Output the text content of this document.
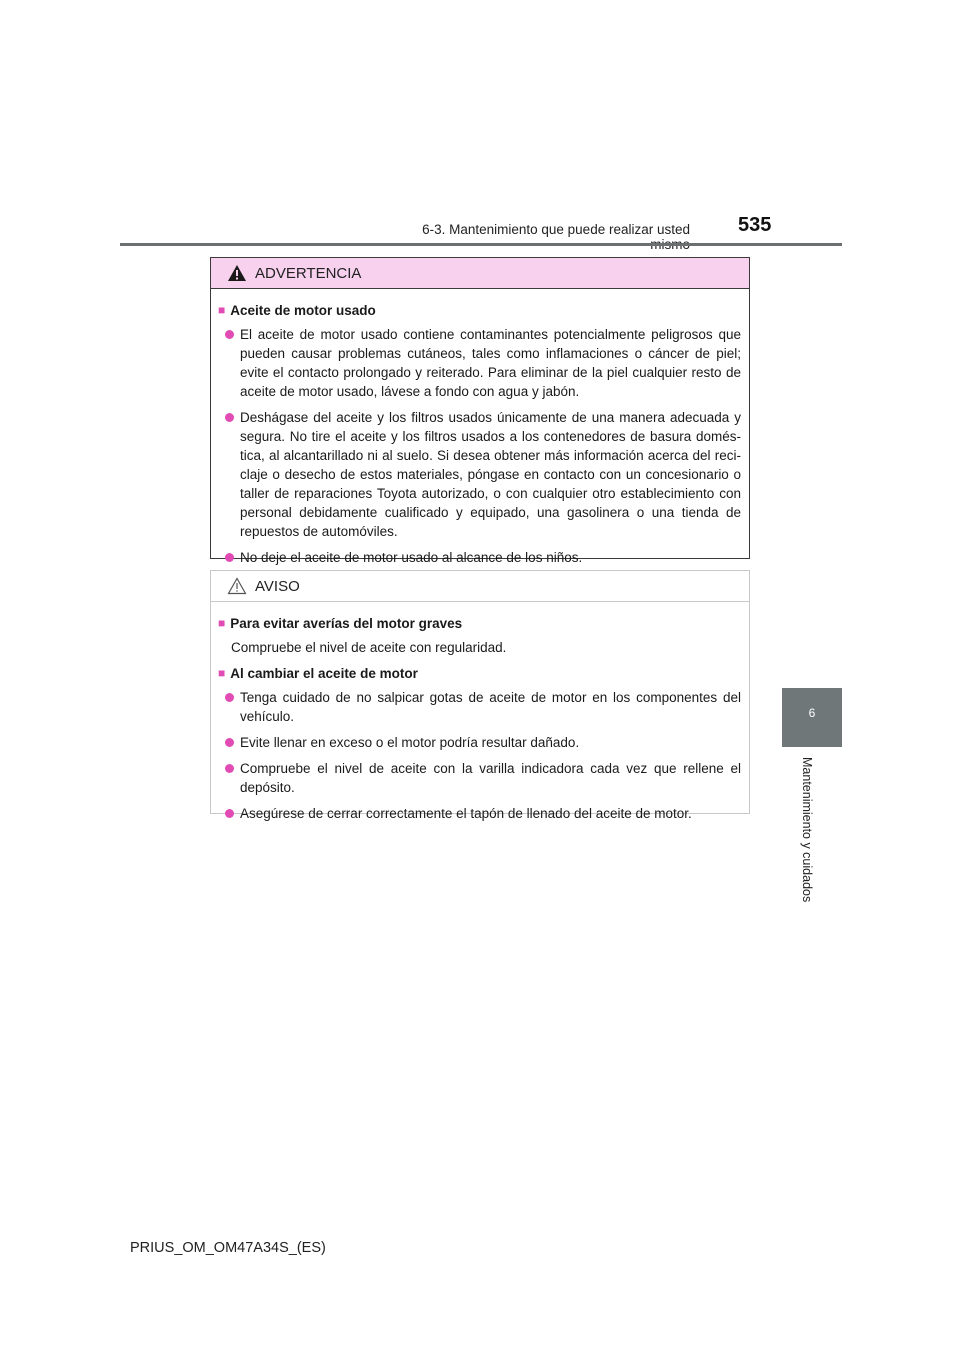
6-3. Mantenimiento que puede realizar usted 535
6
Mantenimiento y cuidados
ADVERTENCIA
■ Aceite de motor usado
El aceite de motor usado contiene contaminantes potencialmente peligrosos que pueden causar problemas cutáneos, tales como inflamaciones o cáncer de piel; evite el contacto prolongado y reiterado. Para eliminar de la piel cualquier resto de aceite de motor usado, lávese a fondo con agua y jabón.
Deshágase del aceite y los filtros usados únicamente de una manera adecuada y segura. No tire el aceite y los filtros usados a los contenedores de basura domés-tica, al alcantarillado ni al suelo. Si desea obtener más información acerca del reci-claje o desecho de estos materiales, póngase en contacto con un concesionario o taller de reparaciones Toyota autorizado, o con cualquier otro establecimiento con personal debidamente cualificado y equipado, una gasolinera o una tienda de repuestos de automóviles.
No deje el aceite de motor usado al alcance de los niños.
AVISO
■ Para evitar averías del motor graves
Compruebe el nivel de aceite con regularidad.
■ Al cambiar el aceite de motor
Tenga cuidado de no salpicar gotas de aceite de motor en los componentes del vehículo.
Evite llenar en exceso o el motor podría resultar dañado.
Compruebe el nivel de aceite con la varilla indicadora cada vez que rellene el depósito.
Asegúrese de cerrar correctamente el tapón de llenado del aceite de motor.
PRIUS_OM_OM47A34S_(ES)
